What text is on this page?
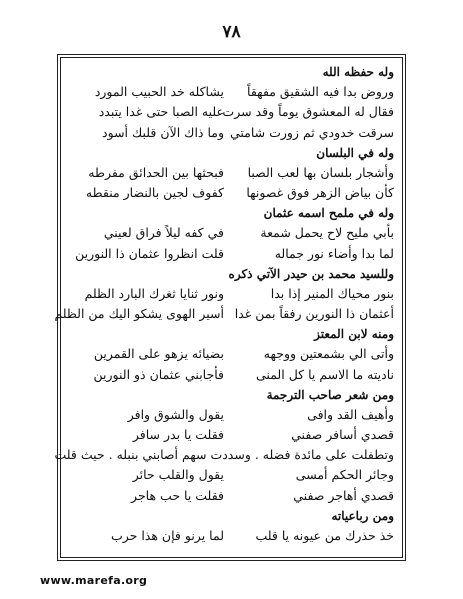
٧٨
وله حفظه الله
وروض بدا فيه الشقيق مفهقاً
يشاكله خد الحبيب المورد
فقال له المعشوق يوماً وقد سرت
عليه الصبا حتى غدا يتبدد
سرقت خدودي ثم زورت شامتي
وما ذاك الآن قلبك أسود
وله في البلسان
وأشجار بلسان بها لعب الصبا
فبحثها بين الحدائق مفرطه
كأن بياض الزهر فوق غصونها
كفوف لجين بالنضار منقطه
وله في ملمح اسمه عثمان
بأبي مليح لاح يحمل شمعة
في كفه ليلاً فراق لعيني
لما بدا وأضاء نور جماله
قلت انظروا عثمان ذا النورين
وللسيد محمد بن حيدر الآتي ذكره
بنور محياك المنير إذا بدا
ونور ثنايا ثغرك البارد الظلم
أعثمان ذا النورين رفقاً بمن غدا
أسير الهوى يشكو اليك من الظلم
ومنه لابن المعتز
وأتى الي بشمعتين ووجهه
بضيائه يزهو على القمرين
ناديته ما الاسم يا كل المنى
فأجابني عثمان ذو النورين
ومن شعر صاحب الترجمة
وأهيف القد وافى
يقول والشوق وافر
قصدي أسافر صفني
فقلت يا بدر سافر
وتطفلت على مائدة فضله . وسددت سهم أصابني بنبله . حيث قلت
وجائر الحكم أمسى
يقول والقلب حائر
قصدي أهاجر صفني
فقلت يا حب هاجر
ومن رباعياته
خذ حذرك من عيونه يا قلب
لما يرنو فإن هذا حرب
www.marefa.org
